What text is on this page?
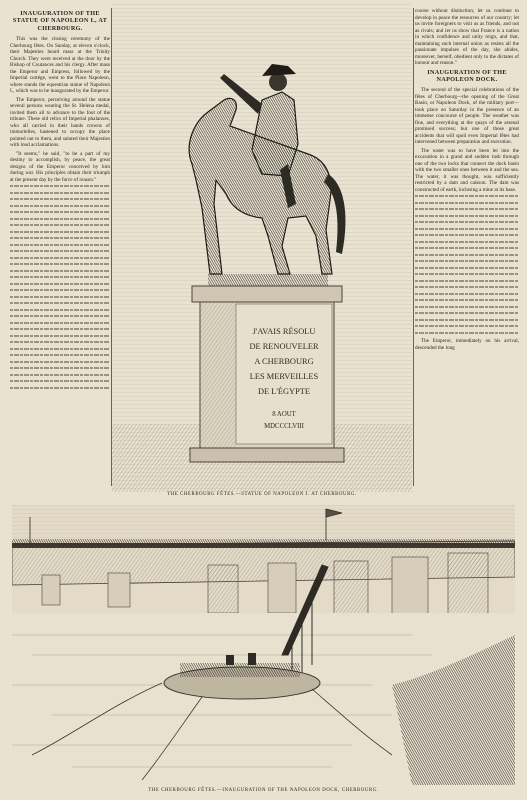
INAUGURATION OF THE STATUE OF NAPOLEON I., AT CHERBOURG.

This was the closing ceremony of the Cherbourg fêtes. On Sunday, at eleven o'clock, their Majesties heard mass at the Trinity Church. They were received at the door by the Bishop of Coutances and his clergy. After mass the Emperor and Empress, followed by the Imperial cortége, went to the Place Napoleon, where stands the equestrian statue of Napoleon I., which was to be inaugurated by the Emperor.

The Emperor, perceiving around the statue several persons wearing the St. Helena medal, invited them all to advance to the foot of the tribune. These old relics of Imperial phalanxes, who all carried in their hands crowns of immortelles, hastened to occupy the place pointed out to them, and saluted their Majesties with loud acclamations.

"It seems," he said, "to be a part of my destiny to accomplish, by peace, the great designs of the Emperor conceived by him during war. His principles obtain their triumph at the present day by the force of reason."

course without distinction; let us continue to develop in peace the resources of our country; let us invite foreigners to visit us as friends, and not as rivals; and let us show that France is a nation in which confidence and unity reign, and that, maintaining such internal union as resists all the passionate impulses of the day, she abides, moreover, herself, obedient only to the dictates of honour and reason."

INAUGURATION OF THE NAPOLEON DOCK.

The second of the special celebrations of the fêtes of Cherbourg—the opening of the Great Basin, or Napoleon Dock, of the military port—took place on Saturday in the presence of an immense concourse of people. The weather was fine, and everything at the quays of the arsenal promised success; but one of those great accidents that will spoil even Imperial fêtes had intervened between preparation and execution.

The water was to have been let into the excavation in a grand and sudden rush through one of the two locks that connect the dock basin with the two smaller ones between it and the sea. The water, it was thought, was sufficiently restricted by a dam and caisson. The dam was constructed of earth, inclosing a mine at its base.

The Emperor, immediately on his arrival, descended the long

J'AVAIS RÉSOLU
DE RENOUVELER
A CHERBOURG
LES MERVEILLES
DE L'ÉGYPTE
8 AOUT
MDCCCLVIII
THE CHERBOURG FÊTES.—STATUE OF NAPOLEON I. AT CHERBOURG.
THE CHERBOURG FÊTES.—INAUGURATION OF THE NAPOLEON DOCK, CHERBOURG.
